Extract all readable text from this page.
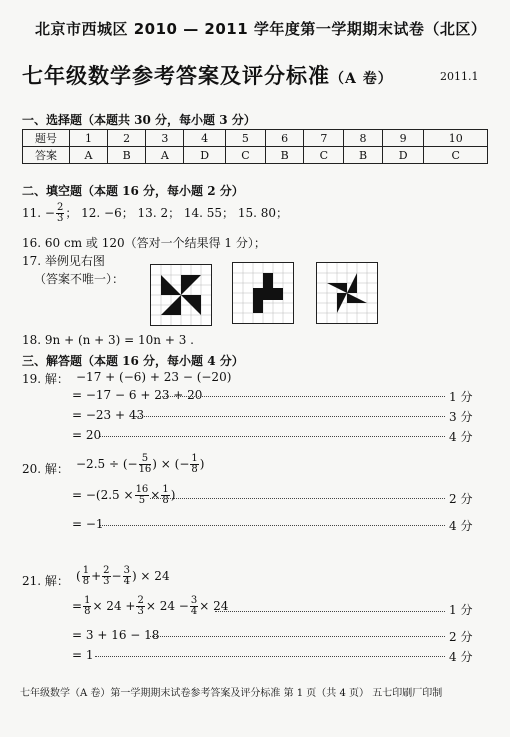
北京市西城区 2010 — 2011 学年度第一学期期末试卷（北区）
七年级数学参考答案及评分标准（A 卷）	2011.1
一、选择题（本题共 30 分，每小题 3 分）
题号	1	2	3	4	5	6	7	8	9	10
答案	A	B	A	D	C	B	C	B	D	C
二、填空题（本题 16 分，每小题 2 分）
11. − $\frac{2}{3}$ ； 12. −6； 13. 2； 14. 55； 15. 80；
16. 60 cm 或 120（答对一个结果得 1 分）；
17. 举例见右图
（答案不唯一）：
18. 9n + (n + 3) = 10n + 3 .
三、解答题（本题 16 分，每小题 4 分）
19. 解： −17 + (−6) + 23 − (−20)
= −17 − 6 + 23 + 20	1 分
= −23 + 43	3 分
= 20	4 分
20. 解： −2.5 ÷ (− $\frac{5}{16}$ ) × (− $\frac{1}{8}$ )
= $-(2.5 \times \frac{16}{5} \times \frac{1}{8}$ )	2 分
= −1	4 分
21. 解： ( $\frac{1}{8} + \frac{2}{3} - \frac{3}{4}$ ) × 24
= $\frac{1}{8} \times 24 + \frac{2}{3} \times 24 - \frac{3}{4} \times 24$	1 分
= 3 + 16 − 18	2 分
= 1	4 分
七年级数学（A 卷）第一学期期末试卷参考答案及评分标准 第 1 页（共 4 页） 五七印刷厂印制
